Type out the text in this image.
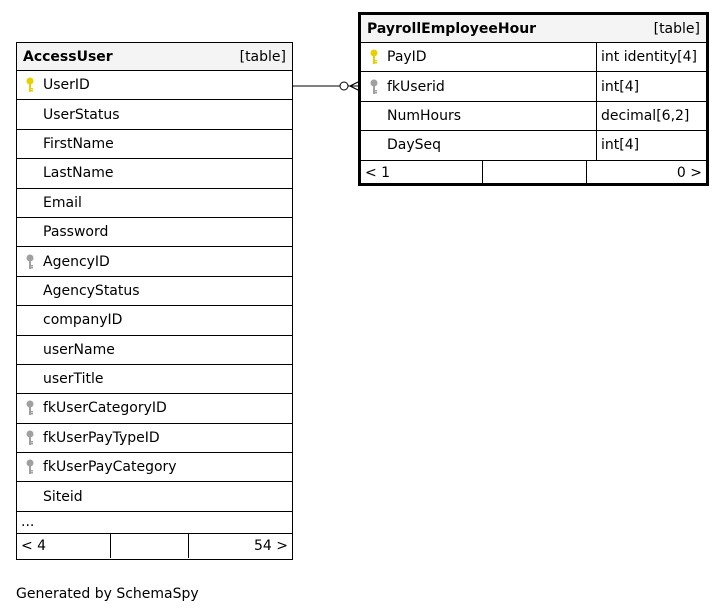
AccessUser	[table]
UserID
UserStatus
FirstName
LastName
Email
Password
AgencyID
AgencyStatus
companyID
userName
userTitle
fkUserCategoryID
fkUserPayTypeID
fkUserPayCategory
Siteid
...
< 4	54 >
PayrollEmployeeHour	[table]
PayID	int identity[4]
fkUserid	int[4]
NumHours	decimal[6,2]
DaySeq	int[4]
< 1	0 >
Generated by SchemaSpy
